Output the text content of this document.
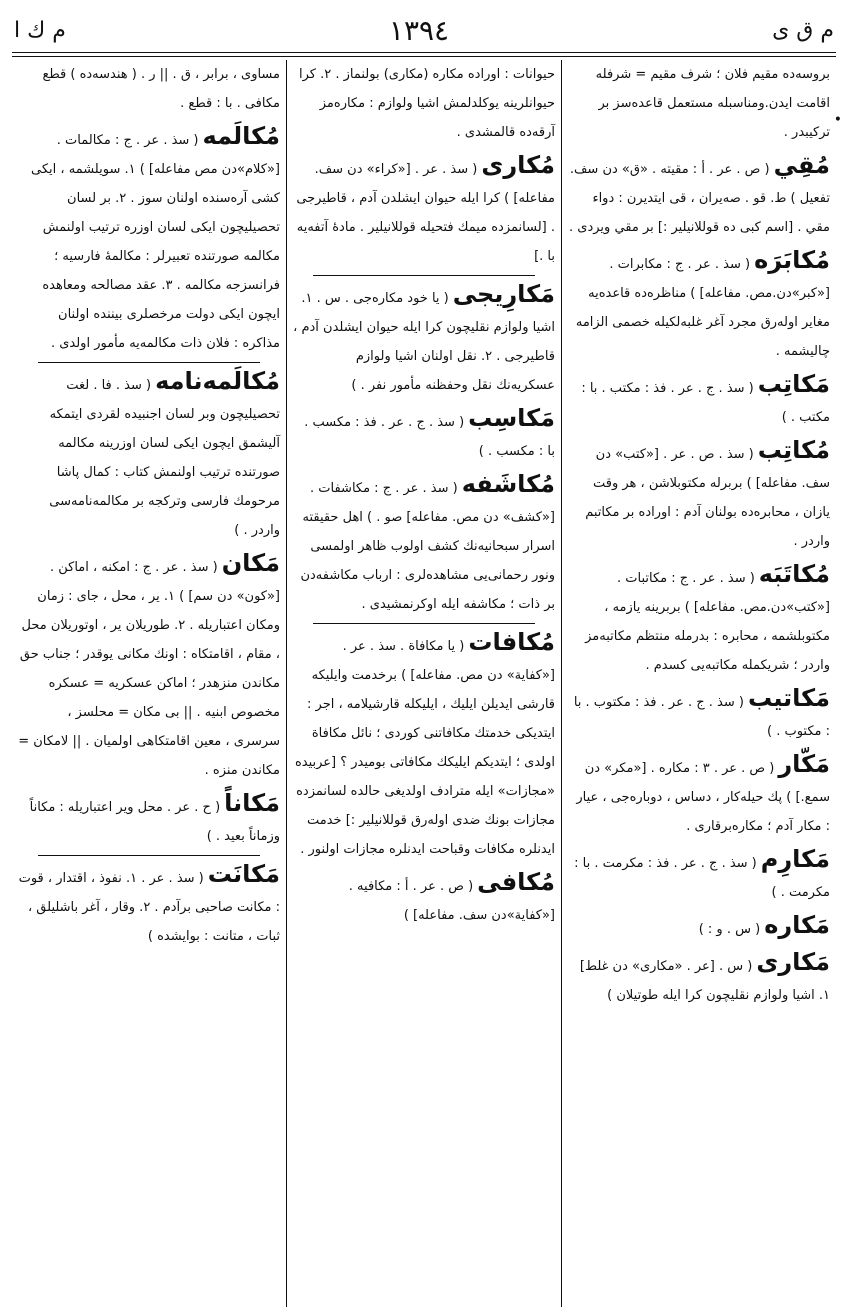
م ق ى
١٣٩٤
م ك ا
•

بروسه‌ده مقيم فلان ؛ شرف مقيم = شرفله اقامت ايدن.ومناسبله مستعمل قاعده‌سز بر تركيبدر .

مُقِي( ص . عر . أ : مقيته . «ق» دن سف. تفعيل ) ط. قو . صه‌يران ، قى ايتديرن : دواء مقي . [اسم كبى ده قوللانيلير :] بر مقي ويردى .

مُكابَرَه( سذ . عر . ج : مكابرات . [«كبر»دن.مص. مفاعله] ) مناظره‌ده قاعده‌يه مغاير اوله‌رق مجرد آغر غلبه‌لكيله خصمى الزامه چاليشمه .

مَكاتِب( سذ . ج . عر . فذ : مكتب . با : مكتب . )

مُكاتِب( سذ . ص . عر . [«كتب» دن سف. مفاعله] ) بربرله مكتوبلاشن ، هر وقت يازان ، محابره‌ده بولنان آدم : اوراده بر مكاتبم واردر .

مُكاتَبَه( سذ . عر . ج : مكاتبات . [«كتب»دن.مص. مفاعله] ) بربرينه يازمه ، مكتوبلشمه ، محابره : بدرمله منتظم مكاتبه‌مز واردر ؛ شريكمله مكاتبه‌يى كسدم .

مَكاتيب( سذ . ج . عر . فذ : مكتوب . با : مكتوب . )

مَكّار( ص . عر . ٣ : مكاره . [«مكر» دن سمع.] ) پك حيله‌كار ، دساس ، دوباره‌جى ، عيار : مكار آدم ؛ مكاره‌برقارى .

مَكارِم( سذ . ج . عر . فذ : مكرمت . با : مكرمت . )

مَكاره( س . و : )

مَكارى( س . [عر . «مكارى» دن غلط] ١. اشيا ولوازم نقليچون كرا ايله طوتيلان )

حيوانات : اوراده مكاره (مكارى) بولنماز . ٢. كرا حيوانلرينه يوكلدلمش اشيا ولوازم : مكاره‌مز آرقه‌ده قالمشدى .

مُكارى( سذ . عر . [«كراء» دن سف. مفاعله] ) كرا ايله حيوان ايشلدن آدم ، قاطيرجى . [لسانمزده ميمك فتحيله قوللانيلير . مادهٔ آتفه‌يه با .]

مَكارِيجى( يا خود مكاره‌جى . س . ١. اشيا ولوازم نقليچون كرا ايله حيوان ايشلدن آدم ، قاطيرجى . ٢. نقل اولنان اشيا ولوازم عسكريه‌نك نقل وحفظنه مأمور نفر . )

مَكاسِب( سذ . ج . عر . فذ : مكسب . با : مكسب . )

مُكاشَفه( سذ . عر . ج : مكاشفات . [«كشف» دن مص. مفاعله] صو . ) اهل حقيقته اسرار سبحانيه‌نك كشف اولوب ظاهر اولمسى ونور رحمانى‌يى مشاهده‌لرى : ارباب مكاشفه‌دن بر ذات ؛ مكاشفه ايله اوكرنمشيدى .

مُكافات( يا مكافاة . سذ . عر . [«كفاية» دن مص. مفاعله] ) برخدمت وايليكه قارشى ايديلن ايليك ، ايليكله قارشيلامه ، اجر : ايتديكى خدمتك مكافاتنى كوردى ؛ نائل مكافاة اولدى ؛ ايتديكم ايليكك مكافاتى بوميدر ؟ [عربيده «مجازات» ايله مترادف اولديغى حالده لسانمزده مجازات بونك ضدى اوله‌رق قوللانيلير :] خدمت ايدنلره مكافات وقباحت ايدنلره مجازات اولنور .

مُكافى( ص . عر . أ : مكافيه . [«كفاية»دن سف. مفاعله] )

مساوى ، برابر ، ق . || ر . ( هندسه‌ده ) قطع مكافى . با : قطع .

مُكالَمه( سذ . عر . ج : مكالمات . [«كلام»دن مص مفاعله] ) ١. سويلشمه ، ايكى كشى آره‌سنده اولنان سوز . ٢. بر لسان تحصيليچون ايكى لسان اوزره ترتيب اولنمش مكالمه صورتنده تعبيرلر : مكالمهٔ فارسيه ؛ فرانسزجه مكالمه . ٣. عقد مصالحه ومعاهده ايچون ايكى دولت مرخصلرى بيننده اولنان مذاكره : فلان ذات مكالمه‌يه مأمور اولدى .

مُكالَمه‌نامه( سذ . فا . لغت تحصيليچون وبر لسان اجنبيده لقردى ايتمكه آليشمق ايچون ايكى لسان اوزرينه مكالمه صورتنده ترتيب اولنمش كتاب : كمال پاشا مرحومك فارسى وتركجه بر مكالمه‌نامه‌سى واردر . )

مَكان( سذ . عر . ج : امكنه ، اماكن . [«كون» دن سم] ) ١. ير ، محل ، جاى : زمان ومكان اعتباريله . ٢. طوريلان ير ، اوتوريلان محل ، مقام ، اقامتكاه : اونك مكانى يوقدر ؛ جناب حق مكاندن منزهدر ؛ اماكن عسكريه = عسكره مخصوص ابنيه . || بى مكان = محلسز ، سرسرى ، معين اقامتكاهى اولميان . || لامكان = مكاندن منزه .

مَكاناً( ح . عر . محل وير اعتباريله : مكاناً وزماناً بعيد . )

مَكانَت( سذ . عر . ١. نفوذ ، اقتدار ، قوت : مكانت صاحبى برآدم . ٢. وقار ، آغر باشليلق ، ثبات ، متانت : بوايشده )
